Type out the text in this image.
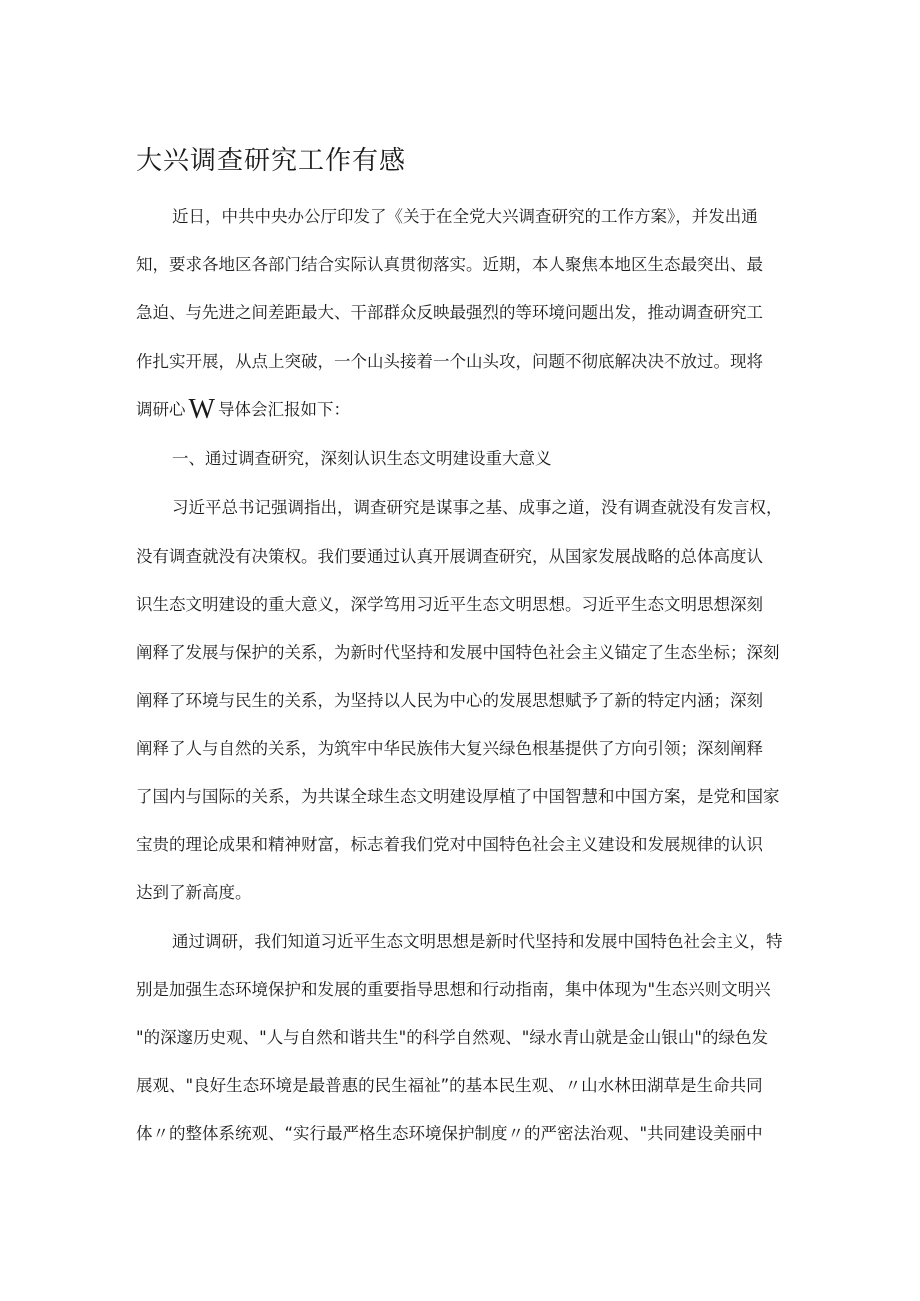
大兴调查研究工作有感
近日，中共中央办公厅印发了《关于在全党大兴调查研究的工作方案》，并发出通
知，要求各地区各部门结合实际认真贯彻落实。近期，本人聚焦本地区生态最突出、最
急迫、与先进之间差距最大、干部群众反映最强烈的等环境问题出发，推动调查研究工
作扎实开展，从点上突破，一个山头接着一个山头攻，问题不彻底解决决不放过。现将
调研心 W 导体会汇报如下：
一、通过调查研究，深刻认识生态文明建设重大意义
习近平总书记强调指出，调查研究是谋事之基、成事之道，没有调查就没有发言权，
没有调查就没有决策权。我们要通过认真开展调查研究，从国家发展战略的总体高度认
识生态文明建设的重大意义，深学笃用习近平生态文明思想。习近平生态文明思想深刻
阐释了发展与保护的关系，为新时代坚持和发展中国特色社会主义锚定了生态坐标；深刻
阐释了环境与民生的关系，为坚持以人民为中心的发展思想赋予了新的特定内涵；深刻
阐释了人与自然的关系，为筑牢中华民族伟大复兴绿色根基提供了方向引领；深刻阐释
了国内与国际的关系，为共谋全球生态文明建设厚植了中国智慧和中国方案，是党和国家
宝贵的理论成果和精神财富，标志着我们党对中国特色社会主义建设和发展规律的认识
达到了新高度。
通过调研，我们知道习近平生态文明思想是新时代坚持和发展中国特色社会主义，特
别是加强生态环境保护和发展的重要指导思想和行动指南，集中体现为"生态兴则文明兴
"的深邃历史观、"人与自然和谐共生"的科学自然观、"绿水青山就是金山银山"的绿色发
展观、"良好生态环境是最普惠的民生福祉”的基本民生观、〃山水林田湖草是生命共同
体〃的整体系统观、“实行最严格生态环境保护制度〃的严密法治观、"共同建设美丽中
